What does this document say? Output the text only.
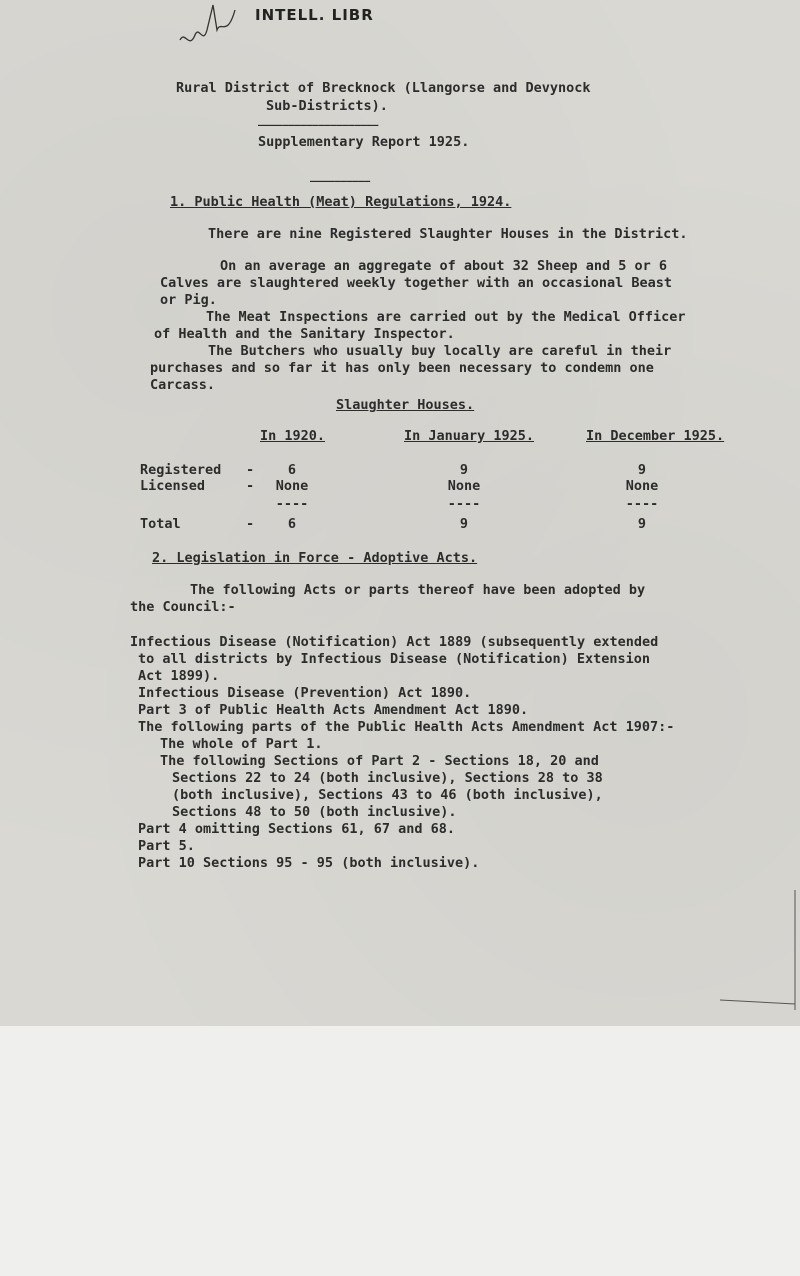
INTELL. LIBR
Rural District of Brecknock (Llangorse and Devynock
Sub-Districts).
————————————————————
Supplementary Report 1925.
——————————
1. Public Health (Meat) Regulations, 1924.
There are nine Registered Slaughter Houses in the District.
On an average an aggregate of about 32 Sheep and 5 or 6
Calves are slaughtered weekly together with an occasional Beast
or Pig.
The Meat Inspections are carried out by the Medical Officer
of Health and the Sanitary Inspector.
The Butchers who usually buy locally are careful in their
purchases and so far it has only been necessary to condemn one
Carcass.
Slaughter Houses.
In 1920.	In January 1925.	In December 1925.
Registered -	6	9	9
Licensed	-	None	None	None
----	----	----
Total	-	6	9	9
2. Legislation in Force - Adoptive Acts.
The following Acts or parts thereof have been adopted by
the Council:-
Infectious Disease (Notification) Act 1889 (subsequently extended
to all districts by Infectious Disease (Notification) Extension
Act 1899).
Infectious Disease (Prevention) Act 1890.
Part 3 of Public Health Acts Amendment Act 1890.
The following parts of the Public Health Acts Amendment Act 1907:-
The whole of Part 1.
The following Sections of Part 2 - Sections 18, 20 and
Sections 22 to 24 (both inclusive), Sections 28 to 38
(both inclusive), Sections 43 to 46 (both inclusive),
Sections 48 to 50 (both inclusive).
Part 4 omitting Sections 61, 67 and 68.
Part 5.
Part 10 Sections 95 - 95 (both inclusive).
